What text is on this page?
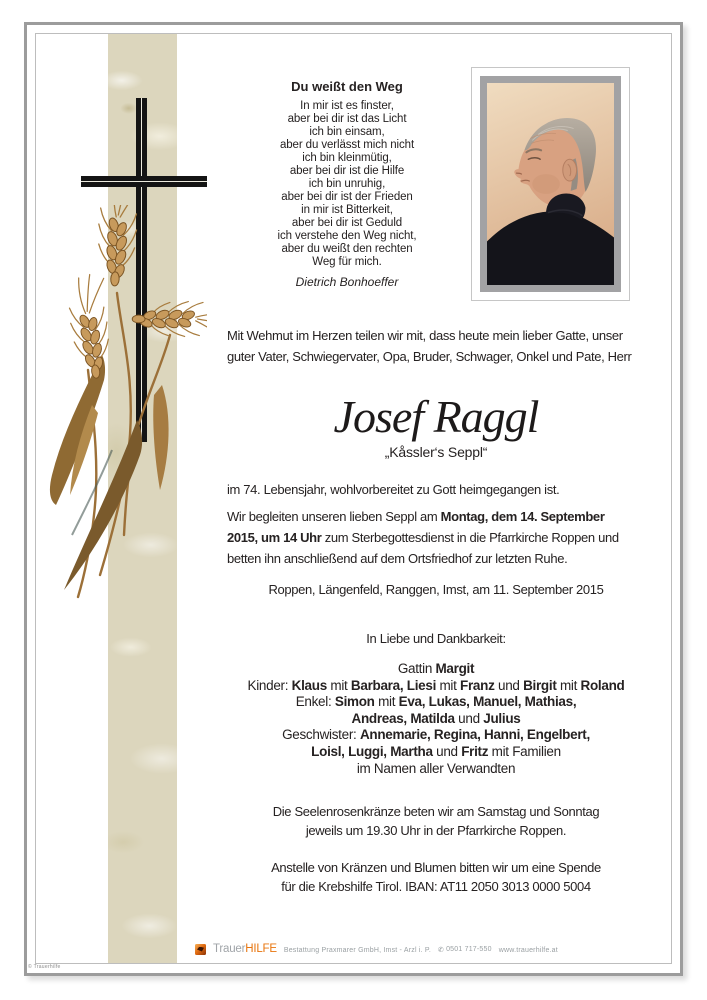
Du weißt den Weg
In mir ist es finster,
aber bei dir ist das Licht
ich bin einsam,
aber du verlässt mich nicht
ich bin kleinmütig,
aber bei dir ist die Hilfe
ich bin unruhig,
aber bei dir ist der Frieden
in mir ist Bitterkeit,
aber bei dir ist Geduld
ich verstehe den Weg nicht,
aber du weißt den rechten
Weg für mich.
Dietrich Bonhoeffer
Mit Wehmut im Herzen teilen wir mit, dass heute mein lieber Gatte, unser
guter Vater, Schwiegervater, Opa, Bruder, Schwager, Onkel und Pate, Herr
Josef Raggl
„Kåssler‘s Seppl“
im 74. Lebensjahr, wohlvorbereitet zu Gott heimgegangen ist.
Wir begleiten unseren lieben Seppl am Montag, dem 14. September
2015, um 14 Uhr zum Sterbegottesdienst in die Pfarrkirche Roppen und
betten ihn anschließend auf dem Ortsfriedhof zur letzten Ruhe.
Roppen, Längenfeld, Ranggen, Imst, am 11. September 2015
In Liebe und Dankbarkeit:
Gattin Margit
Kinder: Klaus mit Barbara, Liesi mit Franz und Birgit mit Roland
Enkel: Simon mit Eva, Lukas, Manuel, Mathias,
Andreas, Matilda und Julius
Geschwister: Annemarie, Regina, Hanni, Engelbert,
Loisl, Luggi, Martha und Fritz mit Familien
im Namen aller Verwandten
Die Seelenrosenkränze beten wir am Samstag und Sonntag
jeweils um 19.30 Uhr in der Pfarrkirche Roppen.
Anstelle von Kränzen und Blumen bitten wir um eine Spende
für die Krebshilfe Tirol. IBAN: AT11 2050 3013 0000 5004
TrauerHILFE Bestattung Praxmarer GmbH, Imst - Arzl i. P. ✆ 0501 717-550 www.trauerhilfe.at
© Trauerhilfe
